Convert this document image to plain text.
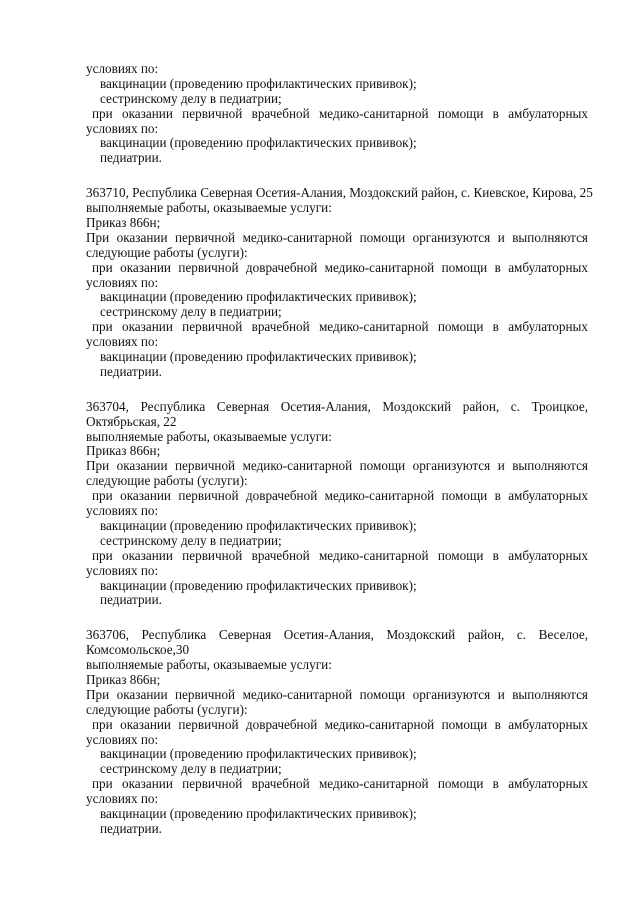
условиях по:
вакцинации (проведению профилактических прививок);
сестринскому делу в педиатрии;
при оказании первичной врачебной медико-санитарной помощи в амбулаторных
условиях по:
вакцинации (проведению профилактических прививок);
педиатрии.
363710, Республика Северная Осетия-Алания, Моздокский район, с. Киевское, Кирова, 25
выполняемые работы, оказываемые услуги:
Приказ 866н;
При оказании первичной медико-санитарной помощи организуются и выполняются
следующие работы (услуги):
при оказании первичной доврачебной медико-санитарной помощи в амбулаторных
условиях по:
вакцинации (проведению профилактических прививок);
сестринскому делу в педиатрии;
при оказании первичной врачебной медико-санитарной помощи в амбулаторных
условиях по:
вакцинации (проведению профилактических прививок);
педиатрии.
363704, Республика Северная Осетия-Алания, Моздокский район, с. Троицкое,
Октябрьская, 22
выполняемые работы, оказываемые услуги:
Приказ 866н;
При оказании первичной медико-санитарной помощи организуются и выполняются
следующие работы (услуги):
при оказании первичной доврачебной медико-санитарной помощи в амбулаторных
условиях по:
вакцинации (проведению профилактических прививок);
сестринскому делу в педиатрии;
при оказании первичной врачебной медико-санитарной помощи в амбулаторных
условиях по:
вакцинации (проведению профилактических прививок);
педиатрии.
363706, Республика Северная Осетия-Алания, Моздокский район, с. Веселое,
Комсомольское,30
выполняемые работы, оказываемые услуги:
Приказ 866н;
При оказании первичной медико-санитарной помощи организуются и выполняются
следующие работы (услуги):
при оказании первичной доврачебной медико-санитарной помощи в амбулаторных
условиях по:
вакцинации (проведению профилактических прививок);
сестринскому делу в педиатрии;
при оказании первичной врачебной медико-санитарной помощи в амбулаторных
условиях по:
вакцинации (проведению профилактических прививок);
педиатрии.
